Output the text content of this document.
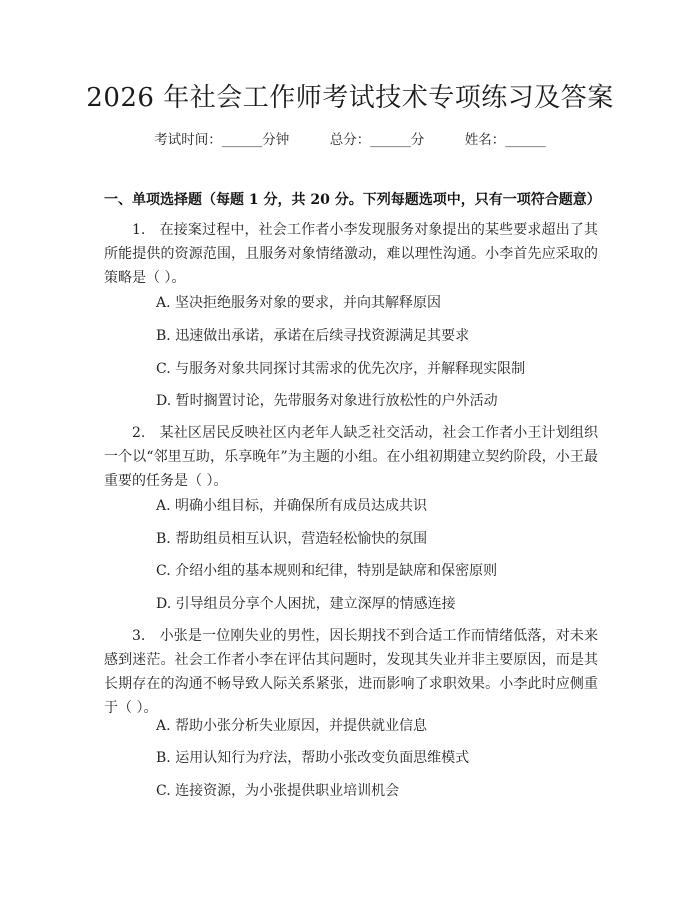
2026 年社会工作师考试技术专项练习及答案
考试时间：______分钟　　　	总分：______分　　　	姓名：______
一、单项选择题（每题 1 分，共 20 分。下列每题选项中，只有一项符合题意）
1.　在接案过程中，社会工作者小李发现服务对象提出的某些要求超出了其所能提供的资源范围，且服务对象情绪激动，难以理性沟通。小李首先应采取的策略是（ ）。
A. 坚决拒绝服务对象的要求，并向其解释原因
B. 迅速做出承诺，承诺在后续寻找资源满足其要求
C. 与服务对象共同探讨其需求的优先次序，并解释现实限制
D. 暂时搁置讨论，先带服务对象进行放松性的户外活动
2.　某社区居民反映社区内老年人缺乏社交活动，社会工作者小王计划组织一个以“邻里互助，乐享晚年”为主题的小组。在小组初期建立契约阶段，小王最重要的任务是（ ）。
A. 明确小组目标，并确保所有成员达成共识
B. 帮助组员相互认识，营造轻松愉快的氛围
C. 介绍小组的基本规则和纪律，特别是缺席和保密原则
D. 引导组员分享个人困扰，建立深厚的情感连接
3.　小张是一位刚失业的男性，因长期找不到合适工作而情绪低落，对未来感到迷茫。社会工作者小李在评估其问题时，发现其失业并非主要原因，而是其长期存在的沟通不畅导致人际关系紧张，进而影响了求职效果。小李此时应侧重于（ ）。
A. 帮助小张分析失业原因，并提供就业信息
B. 运用认知行为疗法，帮助小张改变负面思维模式
C. 连接资源，为小张提供职业培训机会
